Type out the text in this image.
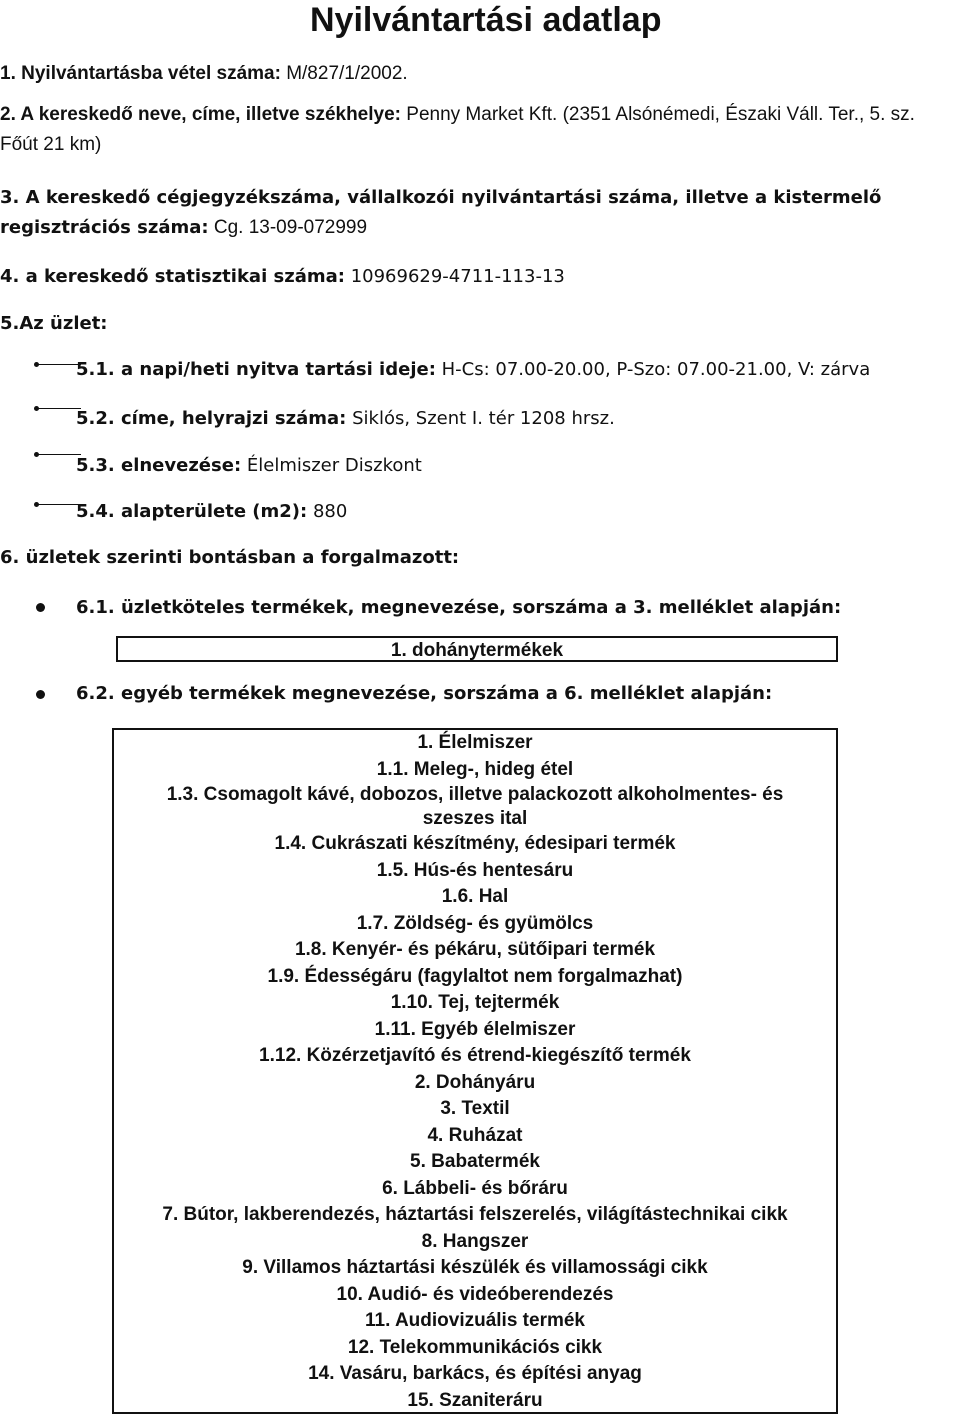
Nyilvántartási adatlap
1. Nyilvántartásba vétel száma: M/827/1/2002.
2. A kereskedő neve, címe, illetve székhelye: Penny Market Kft. (2351 Alsónémedi, Északi Váll. Ter., 5. sz. Főút 21 km)
3. A kereskedő cégjegyzékszáma, vállalkozói nyilvántartási száma, illetve a kistermelő regisztrációs száma: Cg. 13-09-072999
4. a kereskedő statisztikai száma: 10969629-4711-113-13
5.Az üzlet:
5.1. a napi/heti nyitva tartási ideje: H-Cs: 07.00-20.00, P-Szo: 07.00-21.00, V: zárva
5.2. címe, helyrajzi száma: Siklós, Szent I. tér 1208 hrsz.
5.3. elnevezése: Élelmiszer Diszkont
5.4. alapterülete (m2): 880
6. üzletek szerinti bontásban a forgalmazott:
6.1. üzletköteles termékek, megnevezése, sorszáma a 3. melléklet alapján:
1. dohánytermékek
6.2. egyéb termékek megnevezése, sorszáma a 6. melléklet alapján:
1. Élelmiszer
1.1. Meleg-, hideg étel
1.3. Csomagolt kávé, dobozos, illetve palackozott alkoholmentes- és
szeszes ital
1.4. Cukrászati készítmény, édesipari termék
1.5. Hús-és hentesáru
1.6. Hal
1.7. Zöldség- és gyümölcs
1.8. Kenyér- és pékáru, sütőipari termék
1.9. Édességáru (fagylaltot nem forgalmazhat)
1.10. Tej, tejtermék
1.11. Egyéb élelmiszer
1.12. Közérzetjavító és étrend-kiegészítő termék
2. Dohányáru
3. Textil
4. Ruházat
5. Babatermék
6. Lábbeli- és bőráru
7. Bútor, lakberendezés, háztartási felszerelés, világítástechnikai cikk
8. Hangszer
9. Villamos háztartási készülék és villamossági cikk
10. Audió- és videóberendezés
11. Audiovizuális termék
12. Telekommunikációs cikk
14. Vasáru, barkács, és építési anyag
15. Szaniteráru
